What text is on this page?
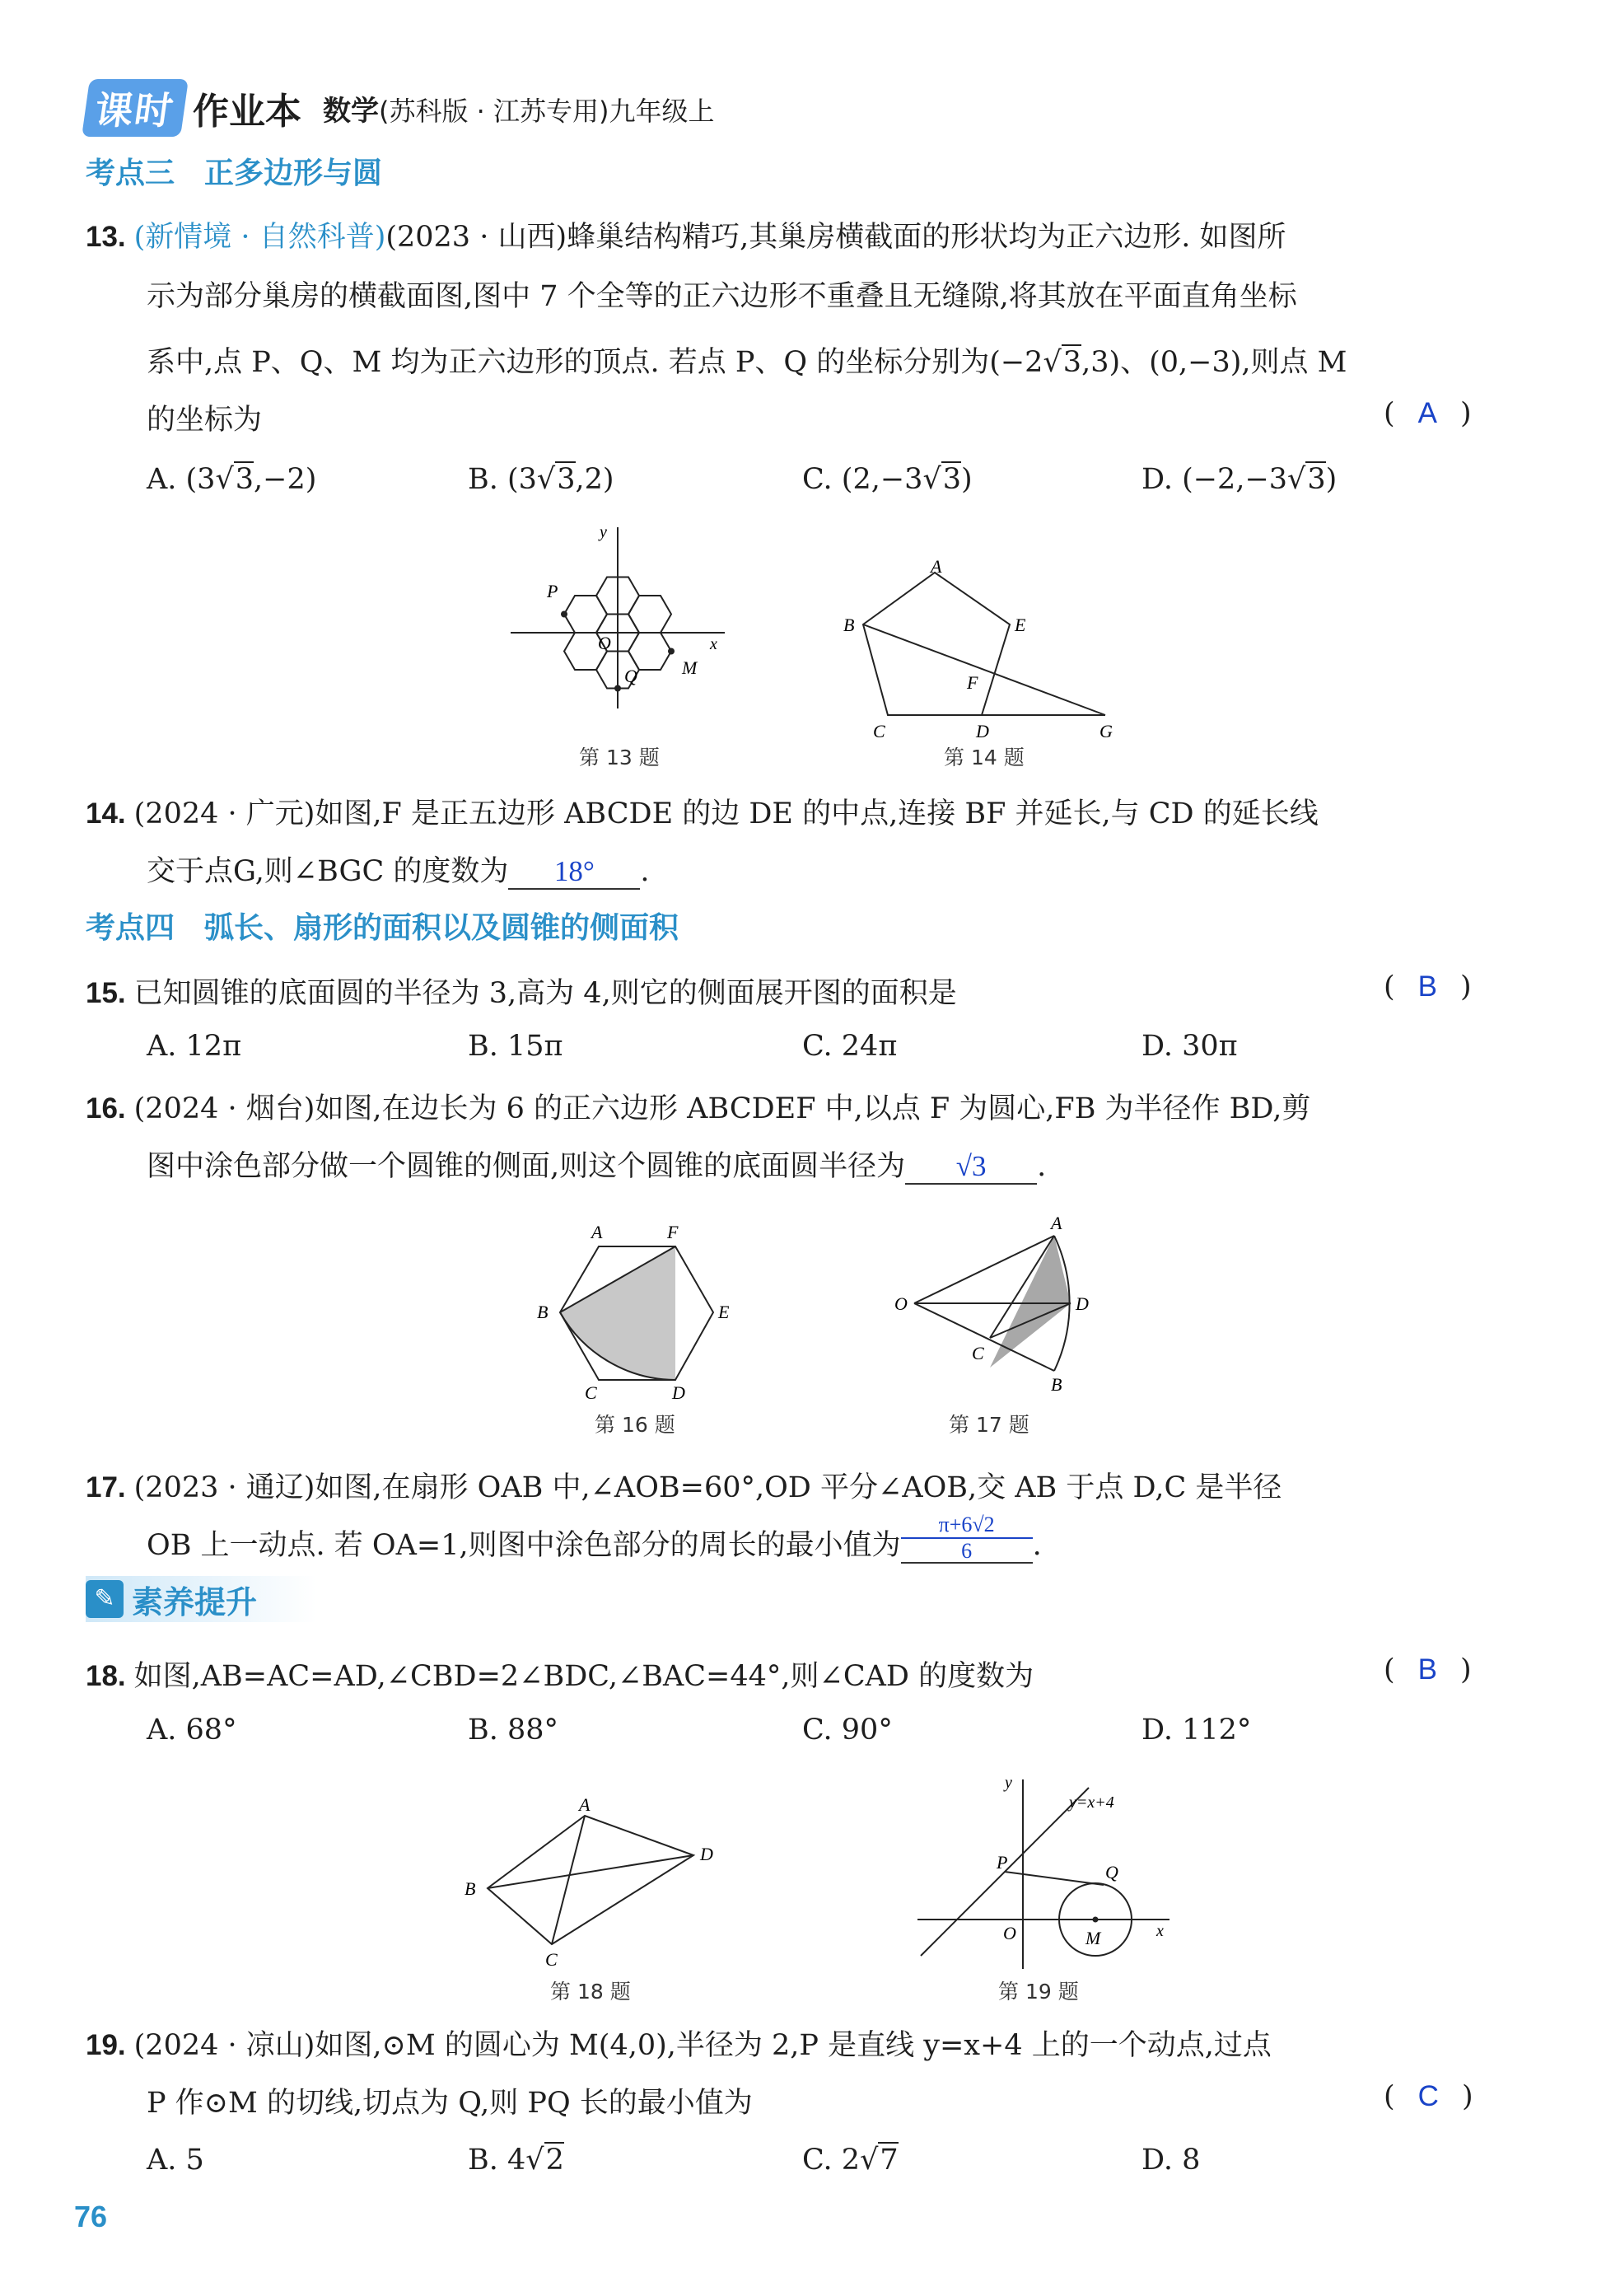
课时 作业本 数学(苏科版 · 江苏专用)九年级上
考点三　正多边形与圆
13. (新情境 · 自然科普)(2023 · 山西)蜂巢结构精巧,其巢房横截面的形状均为正六边形. 如图所
示为部分巢房的横截面图,图中 7 个全等的正六边形不重叠且无缝隙,将其放在平面直角坐标
系中,点 P、Q、M 均为正六边形的顶点. 若点 P、Q 的坐标分别为(−2√3,3)、(0,−3),则点 M
的坐标为	( A )
A. (3√3,−2)	B. (3√3,2)	C. (2,−3√3)	D. (−2,−3√3)
P
O
Q M
x
y
第 13 题
A
B
C	D
E
F
G
第 14 题
14. (2024 · 广元)如图,F 是正五边形 ABCDE 的边 DE 的中点,连接 BF 并延长,与 CD 的延长线
交于点G,则∠BGC 的度数为 18° .
考点四　弧长、扇形的面积以及圆锥的侧面积
15. 已知圆锥的底面圆的半径为 3,高为 4,则它的侧面展开图的面积是	( B )
A. 12π	B. 15π	C. 24π	D. 30π
16. (2024 · 烟台)如图,在边长为 6 的正六边形 ABCDEF 中,以点 F 为圆心,FB 为半径作 BD,剪
图中涂色部分做一个圆锥的侧面,则这个圆锥的底面圆半径为 √3 .
A	F
B	E
C	D
第 16 题
A
O	D
C
B
第 17 题
17. (2023 · 通辽)如图,在扇形 OAB 中,∠AOB=60°,OD 平分∠AOB,交 AB 于点 D,C 是半径
OB 上一动点. 若 OA=1,则图中涂色部分的周长的最小值为 $\frac{\pi+6√2}{6}$ .
✎ 素养提升
18. 如图,AB=AC=AD,∠CBD=2∠BDC,∠BAC=44°,则∠CAD 的度数为	( B )
A. 68°	B. 88°	C. 90°	D. 112°
A
B
C
D
第 18 题
y=x+4
P	Q
O	M	x
y
第 19 题
19. (2024 · 凉山)如图,⊙M 的圆心为 M(4,0),半径为 2,P 是直线 y=x+4 上的一个动点,过点
P 作⊙M 的切线,切点为 Q,则 PQ 长的最小值为	( C )
A. 5	B. 4√2	C. 2√7	D. 8
76
